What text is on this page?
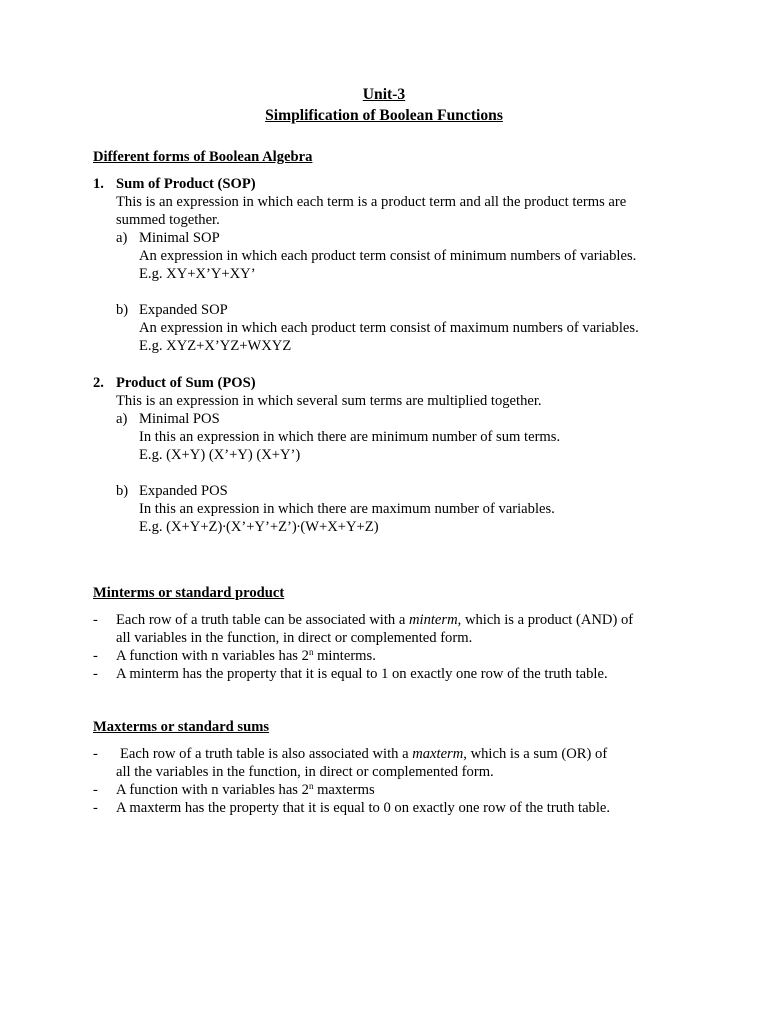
Unit-3
Simplification of Boolean Functions
Different forms of Boolean Algebra
1. Sum of Product (SOP)
This is an expression in which each term is a product term and all the product terms are
summed together.
a) Minimal SOP
An expression in which each product term consist of minimum numbers of variables.
E.g. XY+X’Y+XY’
b) Expanded SOP
An expression in which each product term consist of maximum numbers of variables.
E.g. XYZ+X’YZ+WXYZ
2. Product of Sum (POS)
This is an expression in which several sum terms are multiplied together.
a) Minimal POS
In this an expression in which there are minimum number of sum terms.
E.g. (X+Y) (X’+Y) (X+Y’)
b) Expanded POS
In this an expression in which there are maximum number of variables.
E.g. (X+Y+Z)∙(X’+Y’+Z’)∙(W+X+Y+Z)
Minterms or standard product
- Each row of a truth table can be associated with a minterm, which is a product (AND) of
all variables in the function, in direct or complemented form.
- A function with n variables has 2$^n$ minterms.
- A minterm has the property that it is equal to 1 on exactly one row of the truth table.
Maxterms or standard sums
- Each row of a truth table is also associated with a maxterm, which is a sum (OR) of
all the variables in the function, in direct or complemented form.
- A function with n variables has 2$^n$ maxterms
- A maxterm has the property that it is equal to 0 on exactly one row of the truth table.
